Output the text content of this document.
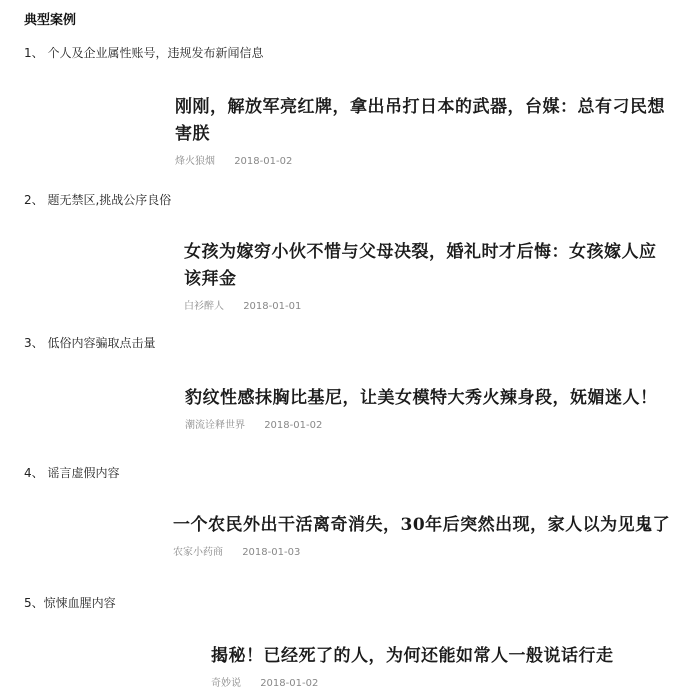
典型案例
1、 个人及企业属性账号，违规发布新闻信息
刚刚，解放军亮红牌，拿出吊打日本的武器，台媒：总有刁民想害朕
烽火狼烟 2018-01-02
2、 题无禁区,挑战公序良俗
女孩为嫁穷小伙不惜与父母决裂，婚礼时才后悔：女孩嫁人应该拜金
白衫醉人 2018-01-01
3、 低俗内容骗取点击量
豹纹性感抹胸比基尼，让美女模特大秀火辣身段，妩媚迷人！
潮流诠释世界 2018-01-02
4、 谣言虚假内容
一个农民外出干活离奇消失，30年后突然出现，家人以为见鬼了
农家小药商 2018-01-03
5、惊悚血腥内容
揭秘！已经死了的人，为何还能如常人一般说话行走
奇妙说 2018-01-02
